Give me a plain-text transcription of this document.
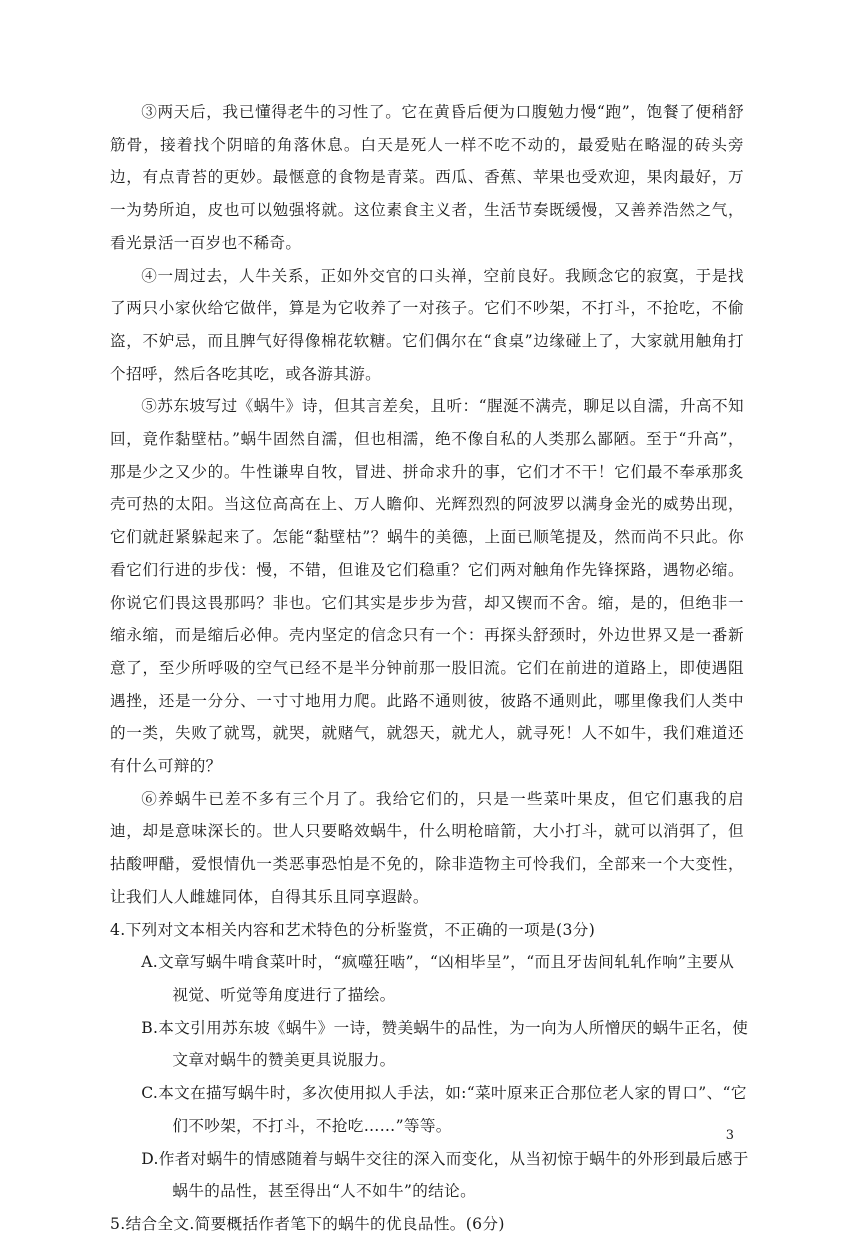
③两天后，我已懂得老牛的习性了。它在黄昏后便为口腹勉力慢“跑”，饱餐了便稍舒筋骨，接着找个阴暗的角落休息。白天是死人一样不吃不动的，最爱贴在略湿的砖头旁边，有点青苔的更妙。最惬意的食物是青菜。西瓜、香蕉、苹果也受欢迎，果肉最好，万一为势所迫，皮也可以勉强将就。这位素食主义者，生活节奏既缓慢，又善养浩然之气，看光景活一百岁也不稀奇。

④一周过去，人牛关系，正如外交官的口头禅，空前良好。我顾念它的寂寞，于是找了两只小家伙给它做伴，算是为它收养了一对孩子。它们不吵架，不打斗，不抢吃，不偷盗，不妒忌，而且脾气好得像棉花软糖。它们偶尔在“食桌”边缘碰上了，大家就用触角打个招呼，然后各吃其吃，或各游其游。

⑤苏东坡写过《蜗牛》诗，但其言差矣，且听：“腥涎不满壳，聊足以自濡，升高不知回，竟作黏壁枯。”蜗牛固然自濡，但也相濡，绝不像自私的人类那么鄙陋。至于“升高”，那是少之又少的。牛性谦卑自牧，冒进、拼命求升的事，它们才不干！它们最不奉承那炙壳可热的太阳。当这位高高在上、万人瞻仰、光辉烈烈的阿波罗以满身金光的威势出现，它们就赶紧躲起来了。怎能“黏壁枯”？蜗牛的美德，上面已顺笔提及，然而尚不只此。你看它们行进的步伐：慢，不错，但谁及它们稳重？它们两对触角作先锋探路，遇物必缩。你说它们畏这畏那吗？非也。它们其实是步步为营，却又锲而不舍。缩，是的，但绝非一缩永缩，而是缩后必伸。壳内坚定的信念只有一个：再探头舒颈时，外边世界又是一番新意了，至少所呼吸的空气已经不是半分钟前那一股旧流。它们在前进的道路上，即使遇阻遇挫，还是一分分、一寸寸地用力爬。此路不通则彼，彼路不通则此，哪里像我们人类中的一类，失败了就骂，就哭，就赌气，就怨天，就尤人，就寻死！人不如牛，我们难道还有什么可辩的？

⑥养蜗牛已差不多有三个月了。我给它们的，只是一些菜叶果皮，但它们惠我的启迪，却是意味深长的。世人只要略效蜗牛，什么明枪暗箭，大小打斗，就可以消弭了，但拈酸呷醋，爱恨情仇一类恶事恐怕是不免的，除非造物主可怜我们，全部来一个大变性，让我们人人雌雄同体，自得其乐且同享遐龄。

4.下列对文本相关内容和艺术特色的分析鉴赏，不正确的一项是(3分)

A.文章写蜗牛啃食菜叶时，“疯噬狂啮”，“凶相毕呈”，“而且牙齿间轧轧作响”主要从
视觉、听觉等角度进行了描绘。

B.本文引用苏东坡《蜗牛》一诗，赞美蜗牛的品性，为一向为人所憎厌的蜗牛正名，使
文章对蜗牛的赞美更具说服力。

C.本文在描写蜗牛时，多次使用拟人手法，如:“菜叶原来正合那位老人家的胃口”、“它
们不吵架，不打斗，不抢吃……”等等。

D.作者对蜗牛的情感随着与蜗牛交往的深入而变化，从当初惊于蜗牛的外形到最后感于
蜗牛的品性，甚至得出“人不如牛”的结论。

5.结合全文.简要概括作者笔下的蜗牛的优良品性。(6分)

3
